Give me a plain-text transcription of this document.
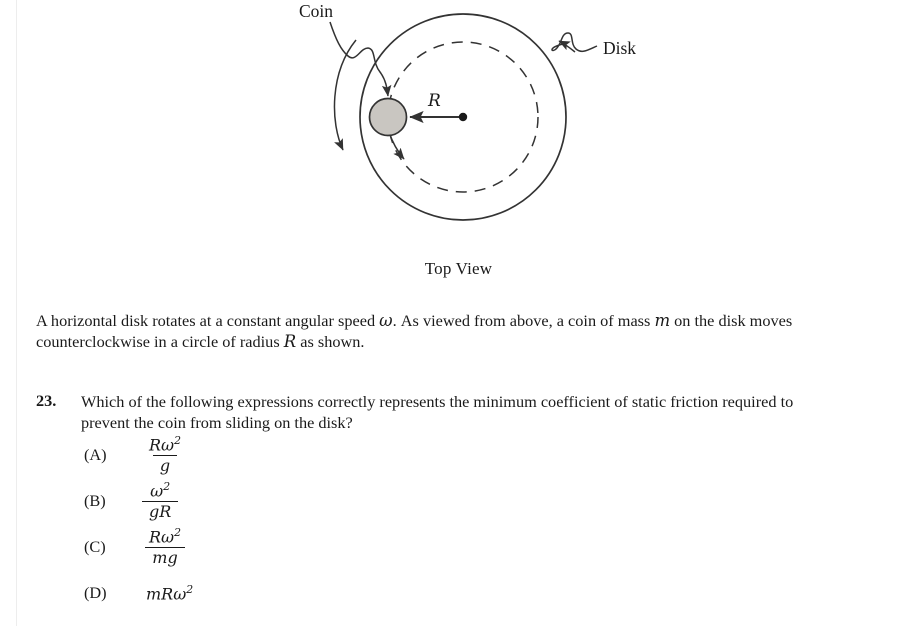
Coin
Disk
R
Top View
A horizontal disk rotates at a constant angular speed ω. As viewed from above, a coin of mass m on the disk moves
counterclockwise in a circle of radius R as shown.
23. Which of the following expressions correctly represents the minimum coefficient of static friction required to
prevent the coin from sliding on the disk?
(A)	$\frac{R\omega^2}{g}$
(B)	$\frac{\omega^2}{gR}$
(C)	$\frac{R\omega^2}{mg}$
(D)	mRω$^2$
